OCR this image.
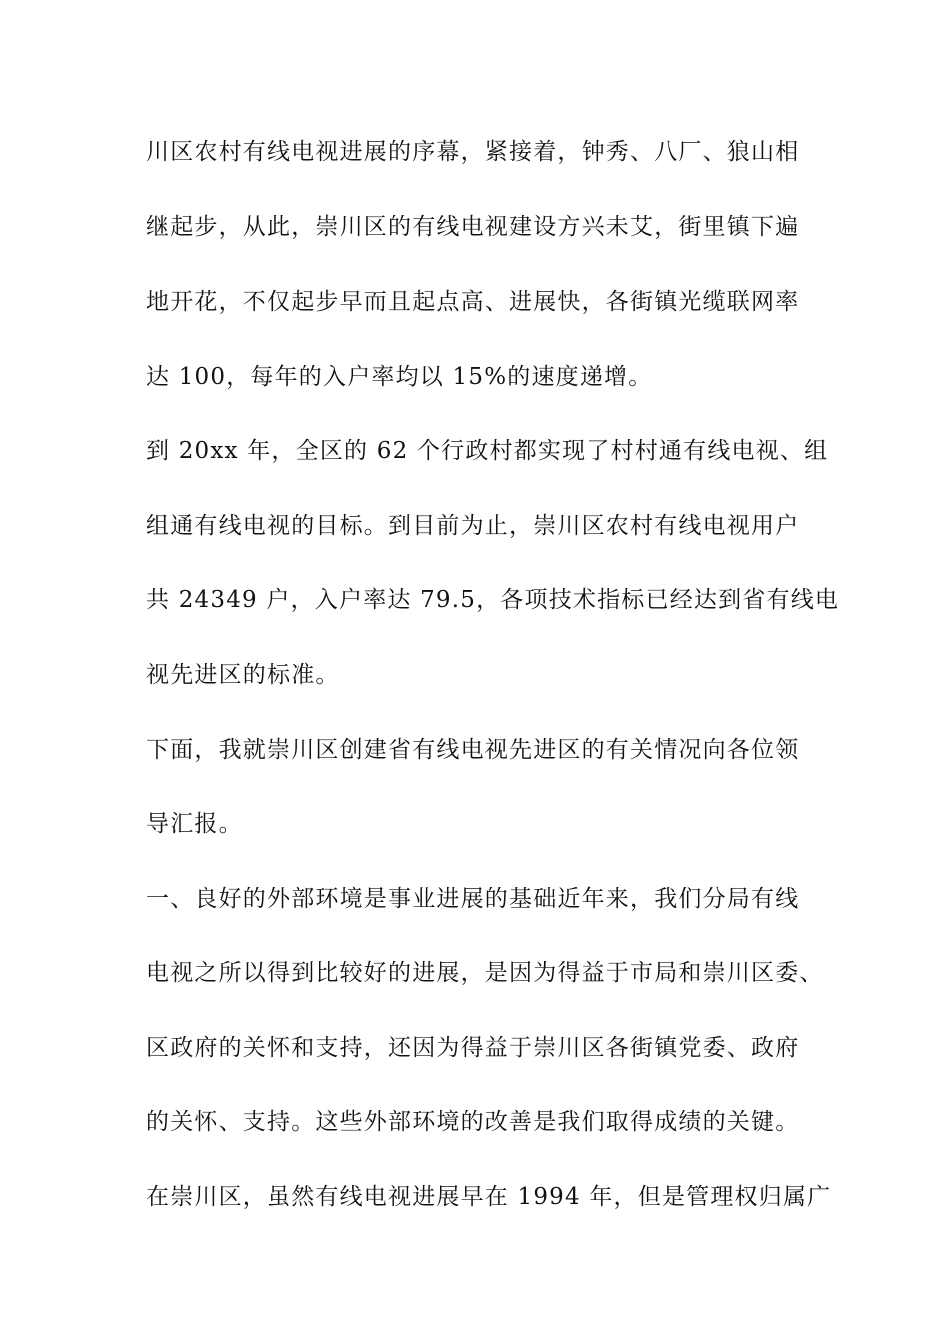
川区农村有线电视进展的序幕，紧接着，钟秀、八厂、狼山相
继起步，从此，崇川区的有线电视建设方兴未艾，街里镇下遍
地开花，不仅起步早而且起点高、进展快，各街镇光缆联网率
达 100，每年的入户率均以 15%的速度递增。
到 20xx 年，全区的 62 个行政村都实现了村村通有线电视、组
组通有线电视的目标。到目前为止，崇川区农村有线电视用户
共 24349 户，入户率达 79.5，各项技术指标已经达到省有线电
视先进区的标准。
下面，我就崇川区创建省有线电视先进区的有关情况向各位领
导汇报。
一、良好的外部环境是事业进展的基础近年来，我们分局有线
电视之所以得到比较好的进展，是因为得益于市局和崇川区委、
区政府的关怀和支持，还因为得益于崇川区各街镇党委、政府
的关怀、支持。这些外部环境的改善是我们取得成绩的关键。
在崇川区，虽然有线电视进展早在 1994 年，但是管理权归属广
